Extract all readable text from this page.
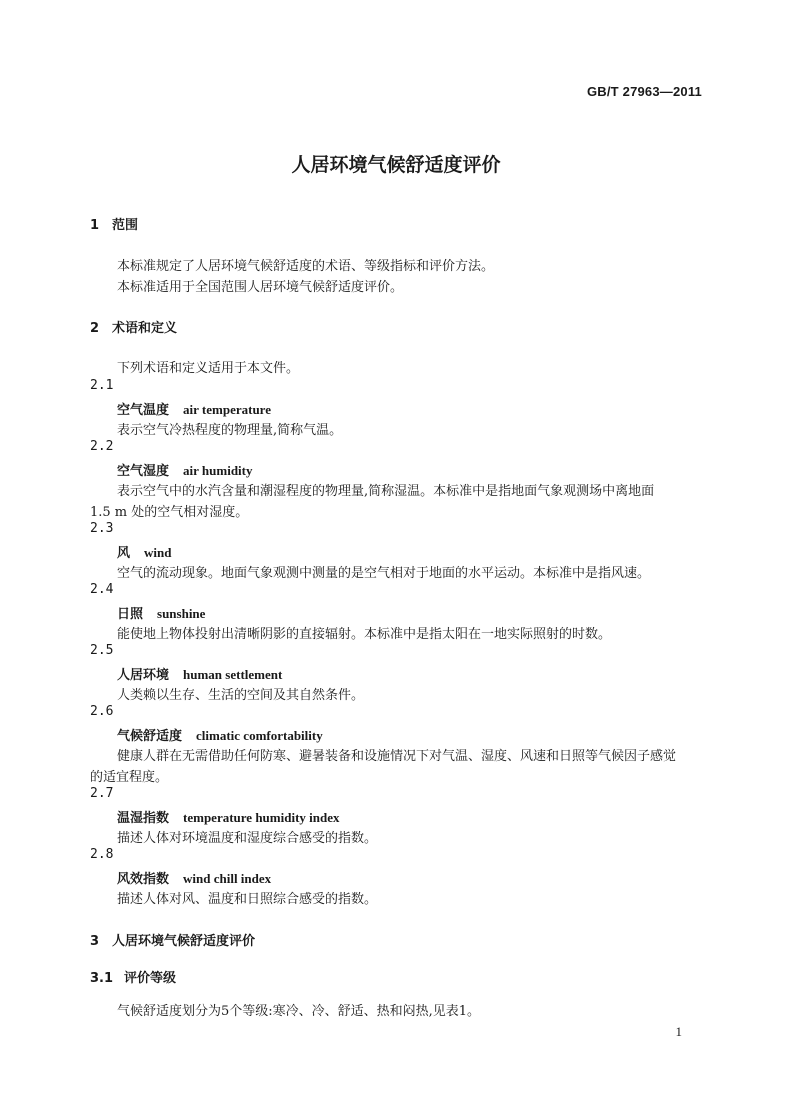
GB/T 27963—2011
人居环境气候舒适度评价
1 范围
本标准规定了人居环境气候舒适度的术语、等级指标和评价方法。
本标准适用于全国范围人居环境气候舒适度评价。
2 术语和定义
下列术语和定义适用于本文件。
2.1
空气温度 air temperature
表示空气冷热程度的物理量,简称气温。
2.2
空气湿度 air humidity
表示空气中的水汽含量和潮湿程度的物理量,简称湿温。本标准中是指地面气象观测场中离地面
1.5 m 处的空气相对湿度。
2.3
风 wind
空气的流动现象。地面气象观测中测量的是空气相对于地面的水平运动。本标准中是指风速。
2.4
日照 sunshine
能使地上物体投射出清晰阴影的直接辐射。本标准中是指太阳在一地实际照射的时数。
2.5
人居环境 human settlement
人类赖以生存、生活的空间及其自然条件。
2.6
气候舒适度 climatic comfortability
健康人群在无需借助任何防寒、避暑装备和设施情况下对气温、湿度、风速和日照等气候因子感觉
的适宜程度。
2.7
温湿指数 temperature humidity index
描述人体对环境温度和湿度综合感受的指数。
2.8
风效指数 wind chill index
描述人体对风、温度和日照综合感受的指数。
3 人居环境气候舒适度评价
3.1 评价等级
气候舒适度划分为5个等级:寒冷、冷、舒适、热和闷热,见表1。
1
